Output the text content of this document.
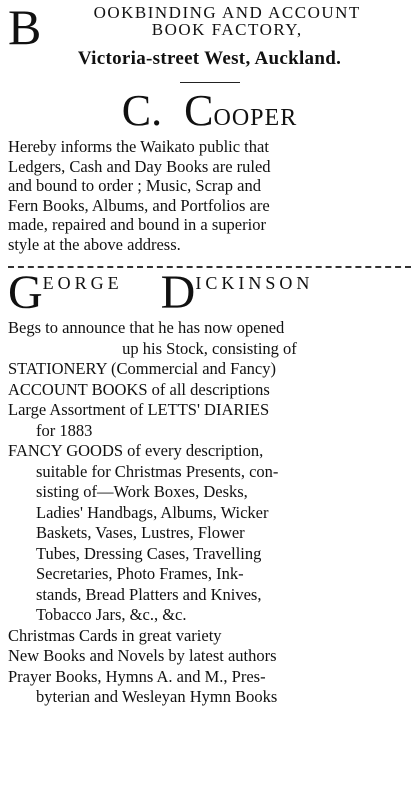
B	OOKBINDING AND ACCOUNT
BOOK FACTORY,
Victoria-street West, Auckland.
C. COOPER
Hereby informs the Waikato public that
Ledgers, Cash and Day Books are ruled
and bound to order ; Music, Scrap and
Fern Books, Albums, and Portfolios are
made, repaired and bound in a superior
style at the above address.
G EORGE D ICKINSON
Begs to announce that he has now opened
up his Stock, consisting of
STATIONERY (Commercial and Fancy)
ACCOUNT BOOKS of all descriptions
Large Assortment of LETTS' DIARIES
for 1883
FANCY GOODS of every description,
suitable for Christmas Presents, con-
sisting of—Work Boxes, Desks,
Ladies' Handbags, Albums, Wicker
Baskets, Vases, Lustres, Flower
Tubes, Dressing Cases, Travelling
Secretaries, Photo Frames, Ink-
stands, Bread Platters and Knives,
Tobacco Jars, &c., &c.
Christmas Cards in great variety
New Books and Novels by latest authors
Prayer Books, Hymns A. and M., Pres-
byterian and Wesleyan Hymn Books
